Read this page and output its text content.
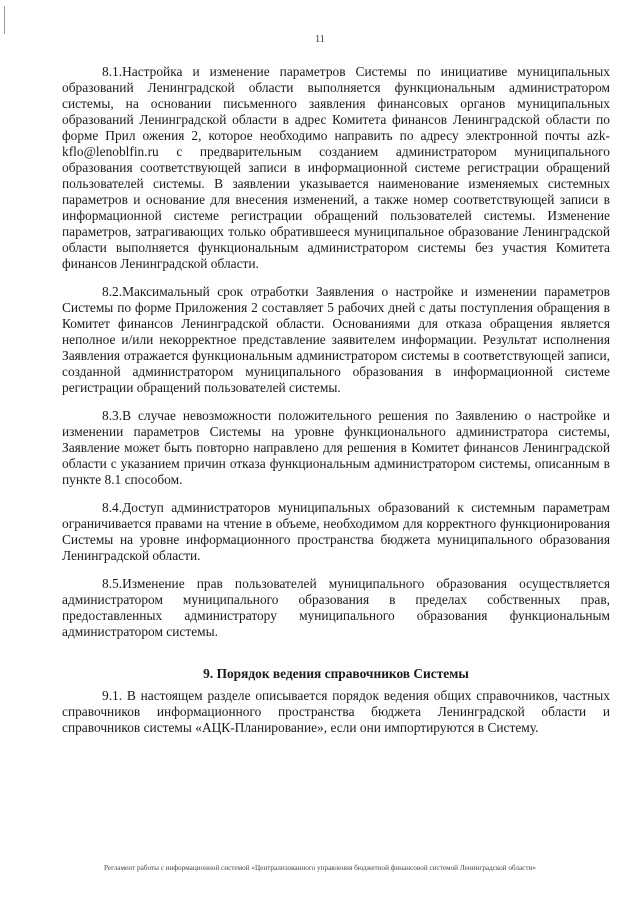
11

8.1.Настройка и изменение параметров Системы по инициативе муниципальных образований Ленинградской области выполняется функциональным администратором системы, на основании письменного заявления финансовых органов муниципальных образований Ленинградской области в адрес Комитета финансов Ленинградской области по форме Прил ожения 2, которое необходимо направить по адресу электронной почты azk-kflo@lenoblfin.ru с предварительным созданием администратором муниципального образования соответствующей записи в информационной системе регистрации обращений пользователей системы. В заявлении указывается наименование изменяемых системных параметров и основание для внесения изменений, а также номер соответствующей записи в информационной системе регистрации обращений пользователей системы. Изменение параметров, затрагивающих только обратившееся муниципальное образование Ленинградской области выполняется функциональным администратором системы без участия Комитета финансов Ленинградской области.

8.2.Максимальный срок отработки Заявления о настройке и изменении параметров Системы по форме Приложения 2 составляет 5 рабочих дней с даты поступления обращения в Комитет финансов Ленинградской области. Основаниями для отказа обращения является неполное и/или некорректное представление заявителем информации. Результат исполнения Заявления отражается функциональным администратором системы в соответствующей записи, созданной администратором муниципального образования в информационной системе регистрации обращений пользователей системы.

8.3.В случае невозможности положительного решения по Заявлению о настройке и изменении параметров Системы на уровне функционального администратора системы, Заявление может быть повторно направлено для решения в Комитет финансов Ленинградской области с указанием причин отказа функциональным администратором системы, описанным в пункте 8.1 способом.

8.4.Доступ администраторов муниципальных образований к системным параметрам ограничивается правами на чтение в объеме, необходимом для корректного функционирования Системы на уровне информационного пространства бюджета муниципального образования Ленинградской области.

8.5.Изменение прав пользователей муниципального образования осуществляется администратором муниципального образования в пределах собственных прав, предоставленных администратору муниципального образования функциональным администратором системы.

9. Порядок ведения справочников Системы

9.1. В настоящем разделе описывается порядок ведения общих справочников, частных справочников информационного пространства бюджета Ленинградской области и справочников системы «АЦК-Планирование», если они импортируются в Систему.

Регламент работы с информационной системой «Централизованного управления бюджетной финансовой системой Ленинградской области»
